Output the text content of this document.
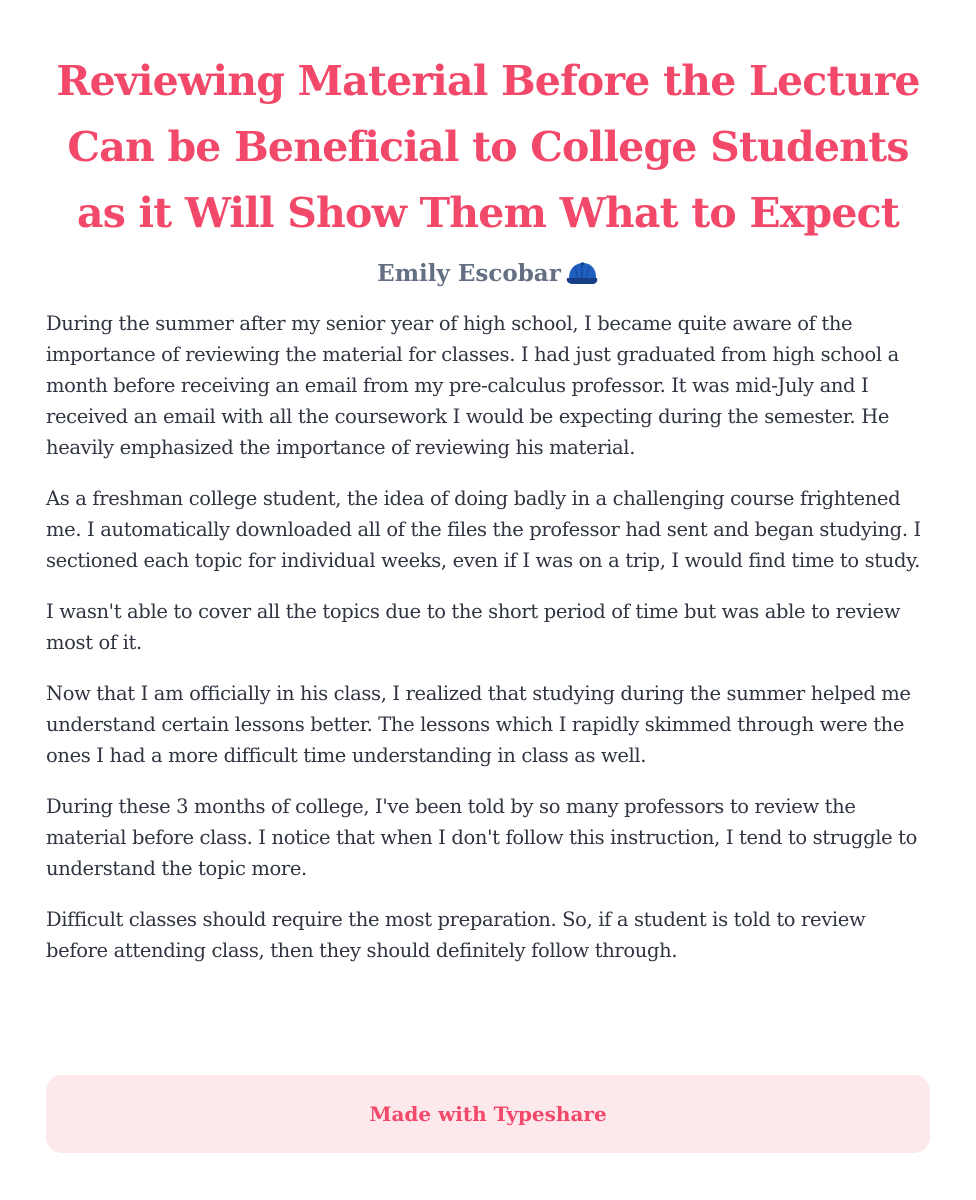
Reviewing Material Before the Lecture Can be Beneficial to College Students as it Will Show Them What to Expect
Emily Escobar

During the summer after my senior year of high school, I became quite aware of the importance of reviewing the material for classes. I had just graduated from high school a month before receiving an email from my pre-calculus professor. It was mid-July and I received an email with all the coursework I would be expecting during the semester. He heavily emphasized the importance of reviewing his material.

As a freshman college student, the idea of doing badly in a challenging course frightened me. I automatically downloaded all of the files the professor had sent and began studying. I sectioned each topic for individual weeks, even if I was on a trip, I would find time to study.

I wasn't able to cover all the topics due to the short period of time but was able to review most of it.

Now that I am officially in his class, I realized that studying during the summer helped me understand certain lessons better. The lessons which I rapidly skimmed through were the ones I had a more difficult time understanding in class as well.

During these 3 months of college, I've been told by so many professors to review the material before class. I notice that when I don't follow this instruction, I tend to struggle to understand the topic more.

Difficult classes should require the most preparation. So, if a student is told to review before attending class, then they should definitely follow through.

Made with Typeshare
